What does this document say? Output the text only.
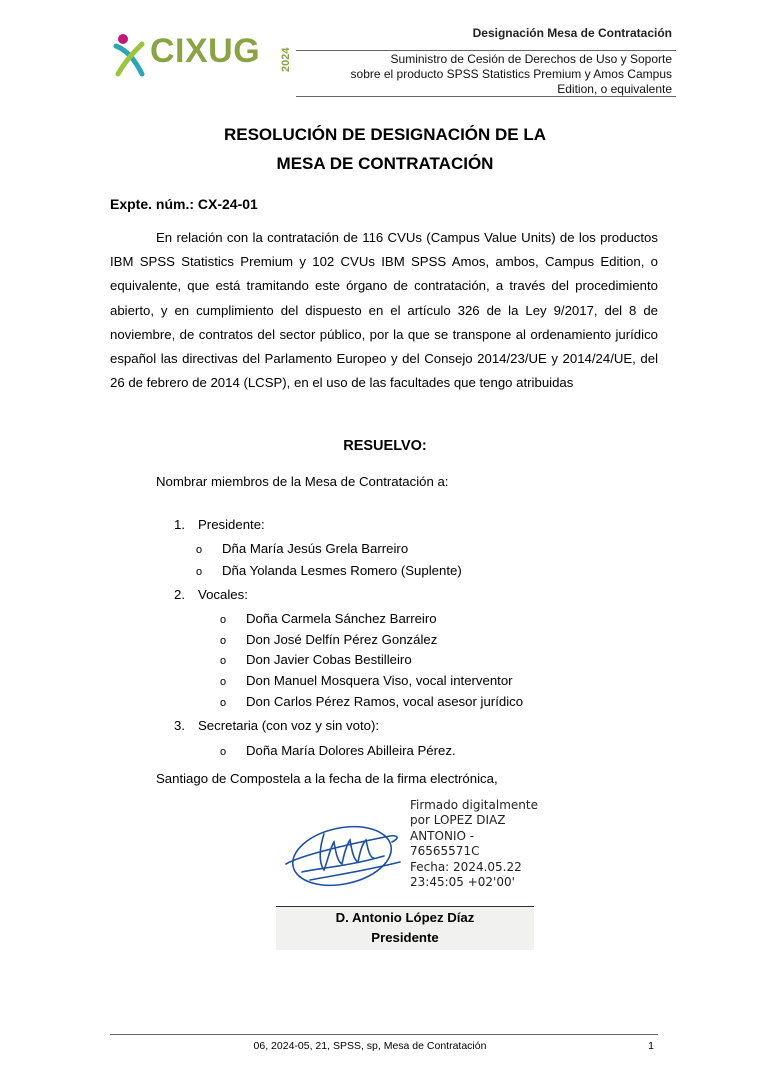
Designación Mesa de Contratación
Suministro de Cesión de Derechos de Uso y Soporte
sobre el producto SPSS Statistics Premium y Amos Campus
Edition, o equivalente
CIXUG 2024
RESOLUCIÓN DE DESIGNACIÓN DE LA
MESA DE CONTRATACIÓN
Expte. núm.: CX-24-01
En relación con la contratación de 116 CVUs (Campus Value Units) de los productos IBM SPSS Statistics Premium y 102 CVUs IBM SPSS Amos, ambos, Campus Edition, o equivalente, que está tramitando este órgano de contratación, a través del procedimiento abierto, y en cumplimiento del dispuesto en el artículo 326 de la Ley 9/2017, del 8 de noviembre, de contratos del sector público, por la que se transpone al ordenamiento jurídico español las directivas del Parlamento Europeo y del Consejo 2014/23/UE y 2014/24/UE, del 26 de febrero de 2014 (LCSP), en el uso de las facultades que tengo atribuidas
RESUELVO:
Nombrar miembros de la Mesa de Contratación a:
1. Presidente:
o Dña María Jesús Grela Barreiro
o Dña Yolanda Lesmes Romero (Suplente)
2. Vocales:
o Doña Carmela Sánchez Barreiro
o Don José Delfín Pérez González
o Don Javier Cobas Bestilleiro
o Don Manuel Mosquera Viso, vocal interventor
o Don Carlos Pérez Ramos, vocal asesor jurídico
3. Secretaria (con voz y sin voto):
o Doña María Dolores Abilleira Pérez.
Santiago de Compostela a la fecha de la firma electrónica,
Firmado digitalmente
por LOPEZ DIAZ
ANTONIO -
76565571C
Fecha: 2024.05.22
23:45:05 +02'00'
D. Antonio López Díaz
Presidente
06, 2024-05, 21, SPSS, sp, Mesa de Contratación	1
